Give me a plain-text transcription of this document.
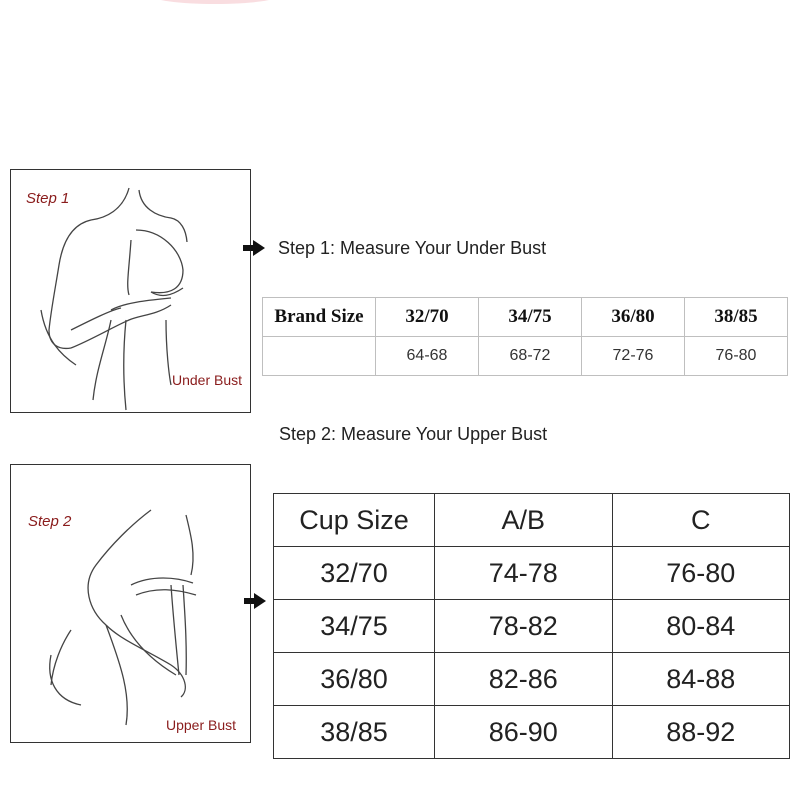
Step 1
Under Bust
Step 1: Measure Your Under Bust
Brand Size	32/70	34/75	36/80	38/85
	64-68	68-72	72-76	76-80
Step 2: Measure Your Upper Bust
Step 2
Upper Bust
Cup Size	A/B	C
32/70	74-78	76-80
34/75	78-82	80-84
36/80	82-86	84-88
38/85	86-90	88-92
